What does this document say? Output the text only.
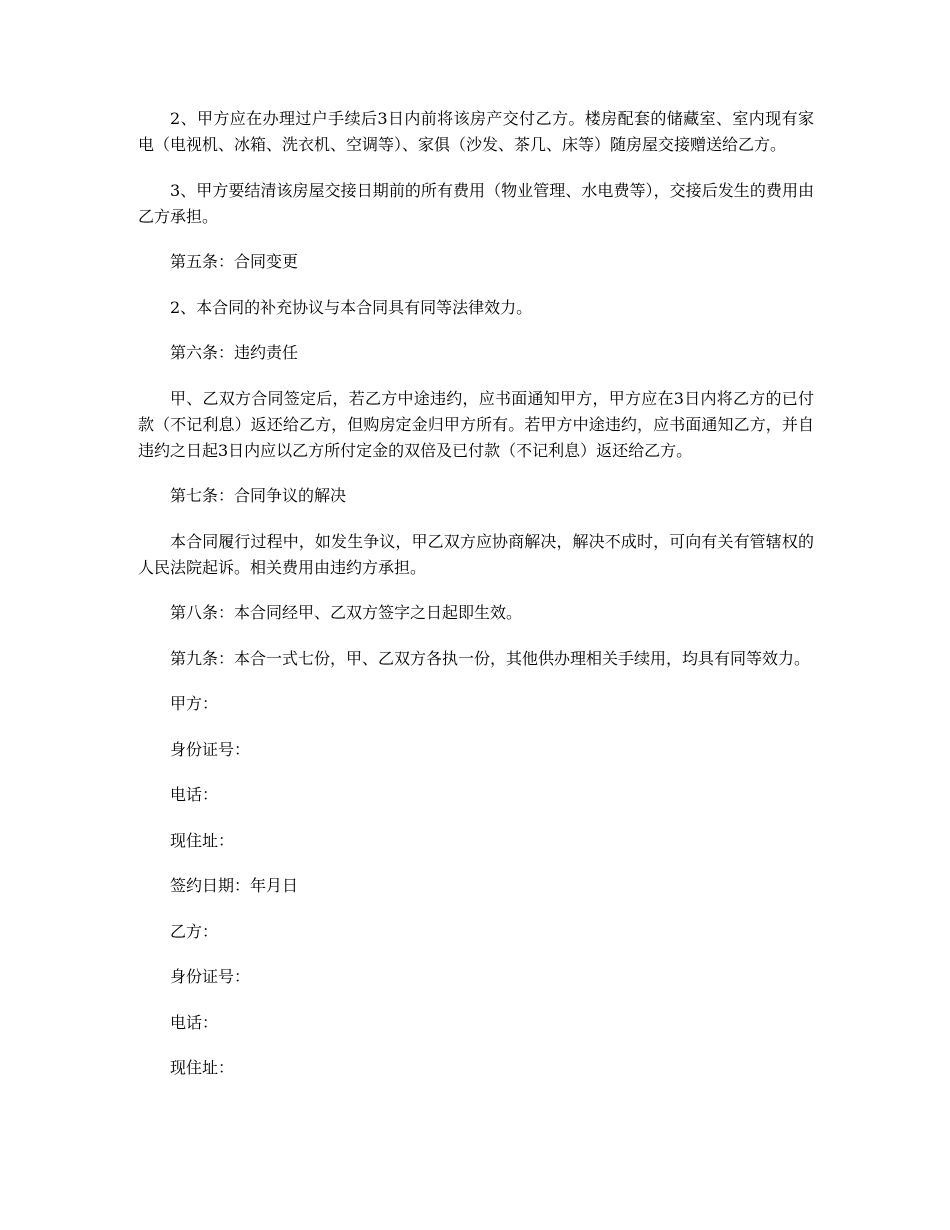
2、甲方应在办理过户手续后3日内前将该房产交付乙方。楼房配套的储藏室、室内现有家电（电视机、冰箱、洗衣机、空调等）、家俱（沙发、茶几、床等）随房屋交接赠送给乙方。

3、甲方要结清该房屋交接日期前的所有费用（物业管理、水电费等），交接后发生的费用由乙方承担。

第五条：合同变更

2、本合同的补充协议与本合同具有同等法律效力。

第六条：违约责任

甲、乙双方合同签定后，若乙方中途违约，应书面通知甲方，甲方应在3日内将乙方的已付款（不记利息）返还给乙方，但购房定金归甲方所有。若甲方中途违约，应书面通知乙方，并自违约之日起3日内应以乙方所付定金的双倍及已付款（不记利息）返还给乙方。

第七条：合同争议的解决

本合同履行过程中，如发生争议，甲乙双方应协商解决，解决不成时，可向有关有管辖权的人民法院起诉。相关费用由违约方承担。

第八条：本合同经甲、乙双方签字之日起即生效。

第九条：本合一式七份，甲、乙双方各执一份，其他供办理相关手续用，均具有同等效力。

甲方：

身份证号：

电话：

现住址：

签约日期：年月日

乙方：

身份证号：

电话：

现住址：
